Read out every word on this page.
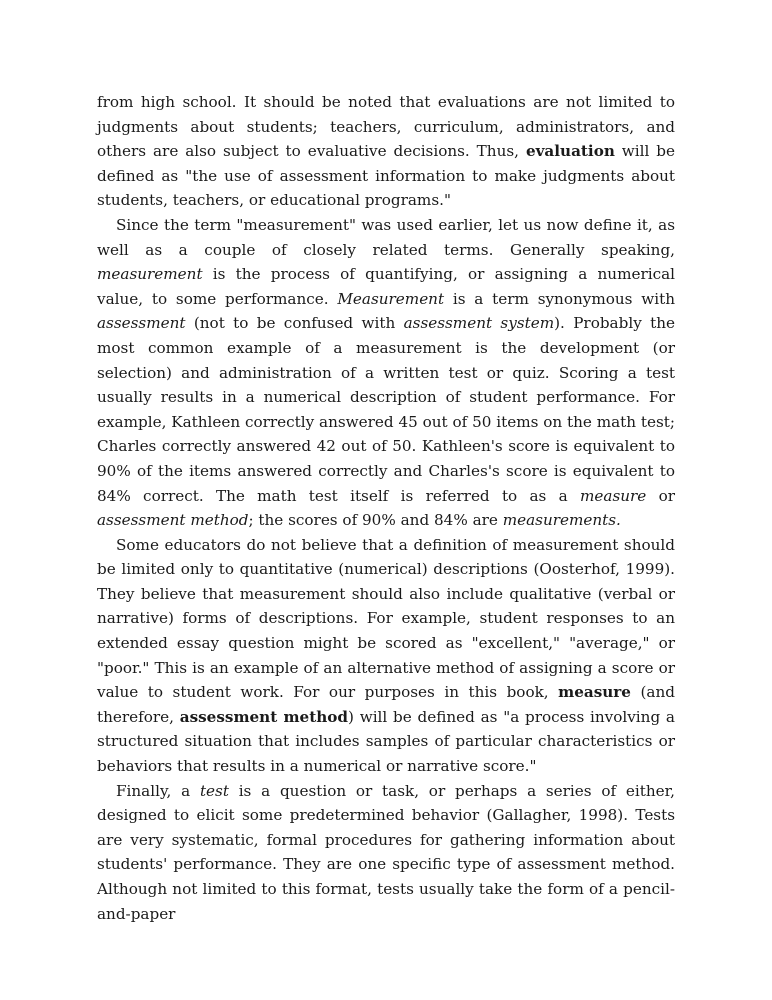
from high school. It should be noted that evaluations are not limited to judgments about students; teachers, curriculum, administrators, and others are also subject to evaluative decisions. Thus, evaluation will be defined as "the use of assessment information to make judgments about students, teachers, or educational programs."

Since the term "measurement" was used earlier, let us now define it, as well as a couple of closely related terms. Generally speaking, measurement is the process of quantifying, or assigning a numerical value, to some performance. Measurement is a term synonymous with assessment (not to be confused with assessment system). Probably the most common example of a measurement is the development (or selection) and administration of a written test or quiz. Scoring a test usually results in a numerical description of student performance. For example, Kathleen correctly answered 45 out of 50 items on the math test; Charles correctly answered 42 out of 50. Kathleen's score is equivalent to 90% of the items answered correctly and Charles's score is equivalent to 84% correct. The math test itself is referred to as a measure or assessment method; the scores of 90% and 84% are measurements.

Some educators do not believe that a definition of measurement should be limited only to quantitative (numerical) descriptions (Oosterhof, 1999). They believe that measurement should also include qualitative (verbal or narrative) forms of descriptions. For example, student responses to an extended essay question might be scored as "excellent," "average," or "poor." This is an example of an alternative method of assigning a score or value to student work. For our purposes in this book, measure (and therefore, assessment method) will be defined as "a process involving a structured situation that includes samples of particular characteristics or behaviors that results in a numerical or narrative score."

Finally, a test is a question or task, or perhaps a series of either, designed to elicit some predetermined behavior (Gallagher, 1998). Tests are very systematic, formal procedures for gathering information about students' performance. They are one specific type of assessment method. Although not limited to this format, tests usually take the form of a pencil-and-paper
